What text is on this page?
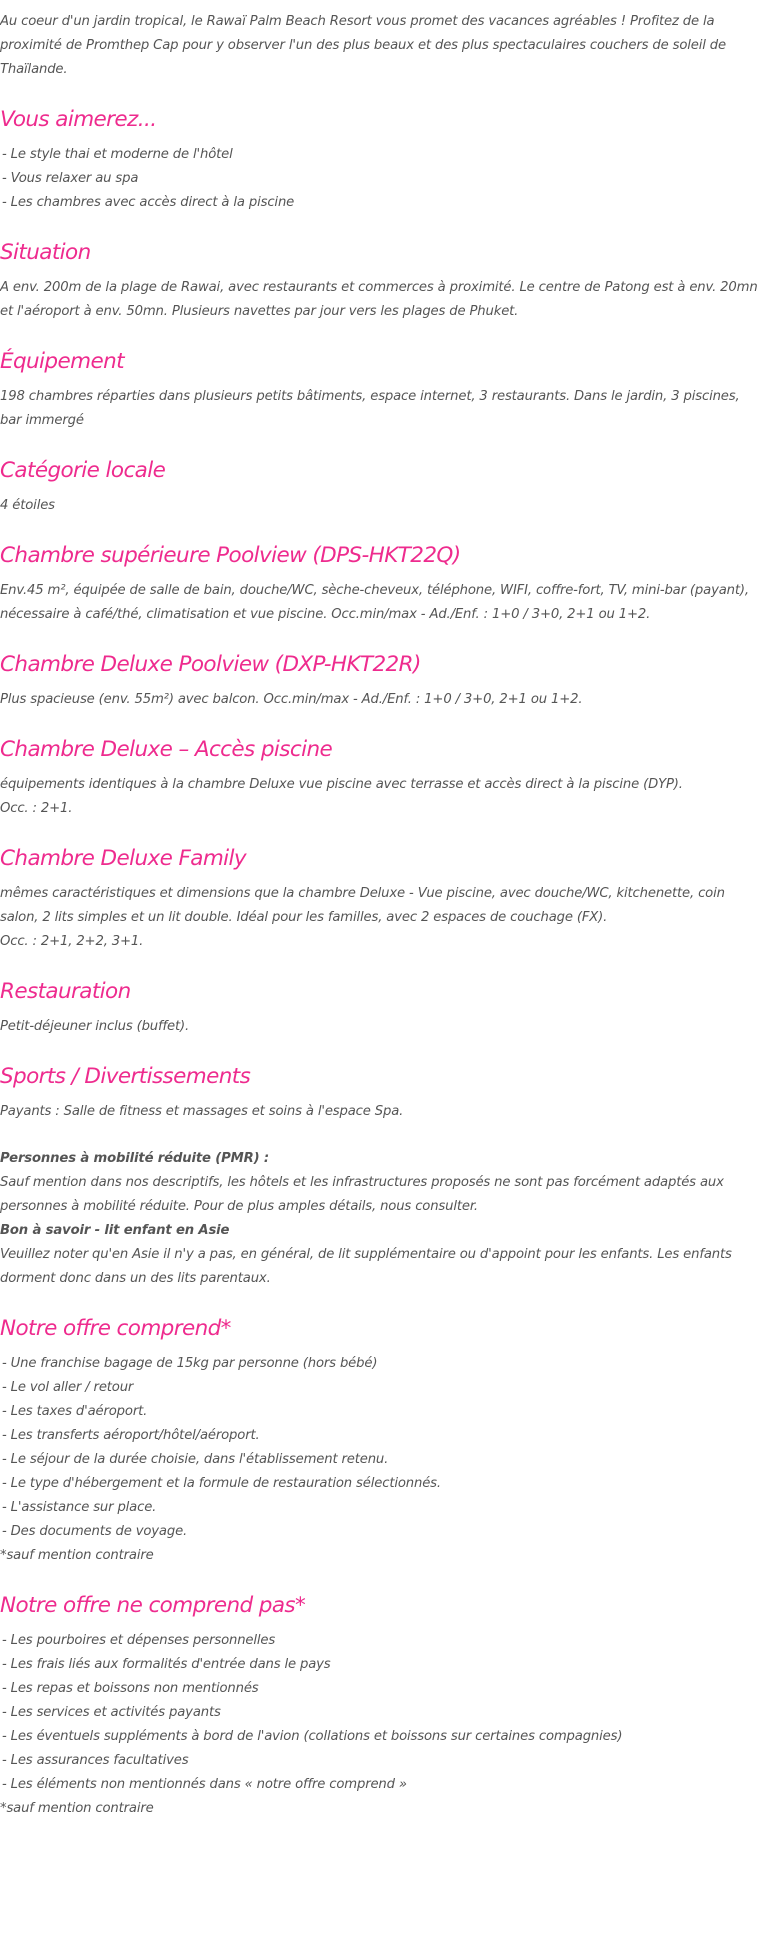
Au coeur d'un jardin tropical, le Rawaï Palm Beach Resort vous promet des vacances agréables ! Profitez de la proximité de Promthep Cap pour y observer l'un des plus beaux et des plus spectaculaires couchers de soleil de Thaïlande.

Vous aimerez...

- Le style thai et moderne de l'hôtel
- Vous relaxer au spa
- Les chambres avec accès direct à la piscine

Situation

A env. 200m de la plage de Rawai, avec restaurants et commerces à proximité. Le centre de Patong est à env. 20mn et l'aéroport à env. 50mn. Plusieurs navettes par jour vers les plages de Phuket.

Équipement

198 chambres réparties dans plusieurs petits bâtiments, espace internet, 3 restaurants. Dans le jardin, 3 piscines, bar immergé

Catégorie locale

4 étoiles

Chambre supérieure Poolview (DPS-HKT22Q)

Env.45 m², équipée de salle de bain, douche/WC, sèche-cheveux, téléphone, WIFI, coffre-fort, TV, mini-bar (payant), nécessaire à café/thé, climatisation et vue piscine. Occ.min/max - Ad./Enf. : 1+0 / 3+0, 2+1 ou 1+2.

Chambre Deluxe Poolview (DXP-HKT22R)

Plus spacieuse (env. 55m²) avec balcon. Occ.min/max - Ad./Enf. : 1+0 / 3+0, 2+1 ou 1+2.

Chambre Deluxe – Accès piscine

équipements identiques à la chambre Deluxe vue piscine avec terrasse et accès direct à la piscine (DYP).
Occ. : 2+1.

Chambre Deluxe Family

mêmes caractéristiques et dimensions que la chambre Deluxe - Vue piscine, avec douche/WC, kitchenette, coin salon, 2 lits simples et un lit double. Idéal pour les familles, avec 2 espaces de couchage (FX).
Occ. : 2+1, 2+2, 3+1.

Restauration

Petit-déjeuner inclus (buffet).

Sports / Divertissements

Payants : Salle de fitness et massages et soins à l'espace Spa.

Personnes à mobilité réduite (PMR) :
Sauf mention dans nos descriptifs, les hôtels et les infrastructures proposés ne sont pas forcément adaptés aux personnes à mobilité réduite. Pour de plus amples détails, nous consulter.
Bon à savoir - lit enfant en Asie
Veuillez noter qu'en Asie il n'y a pas, en général, de lit supplémentaire ou d'appoint pour les enfants. Les enfants dorment donc dans un des lits parentaux.

Notre offre comprend*

- Une franchise bagage de 15kg par personne (hors bébé)
- Le vol aller / retour
- Les taxes d'aéroport.
- Les transferts aéroport/hôtel/aéroport.
- Le séjour de la durée choisie, dans l'établissement retenu.
- Le type d'hébergement et la formule de restauration sélectionnés.
- L'assistance sur place.
- Des documents de voyage.
*sauf mention contraire

Notre offre ne comprend pas*

- Les pourboires et dépenses personnelles
- Les frais liés aux formalités d'entrée dans le pays
- Les repas et boissons non mentionnés
- Les services et activités payants
- Les éventuels suppléments à bord de l'avion (collations et boissons sur certaines compagnies)
- Les assurances facultatives
- Les éléments non mentionnés dans « notre offre comprend »
*sauf mention contraire
